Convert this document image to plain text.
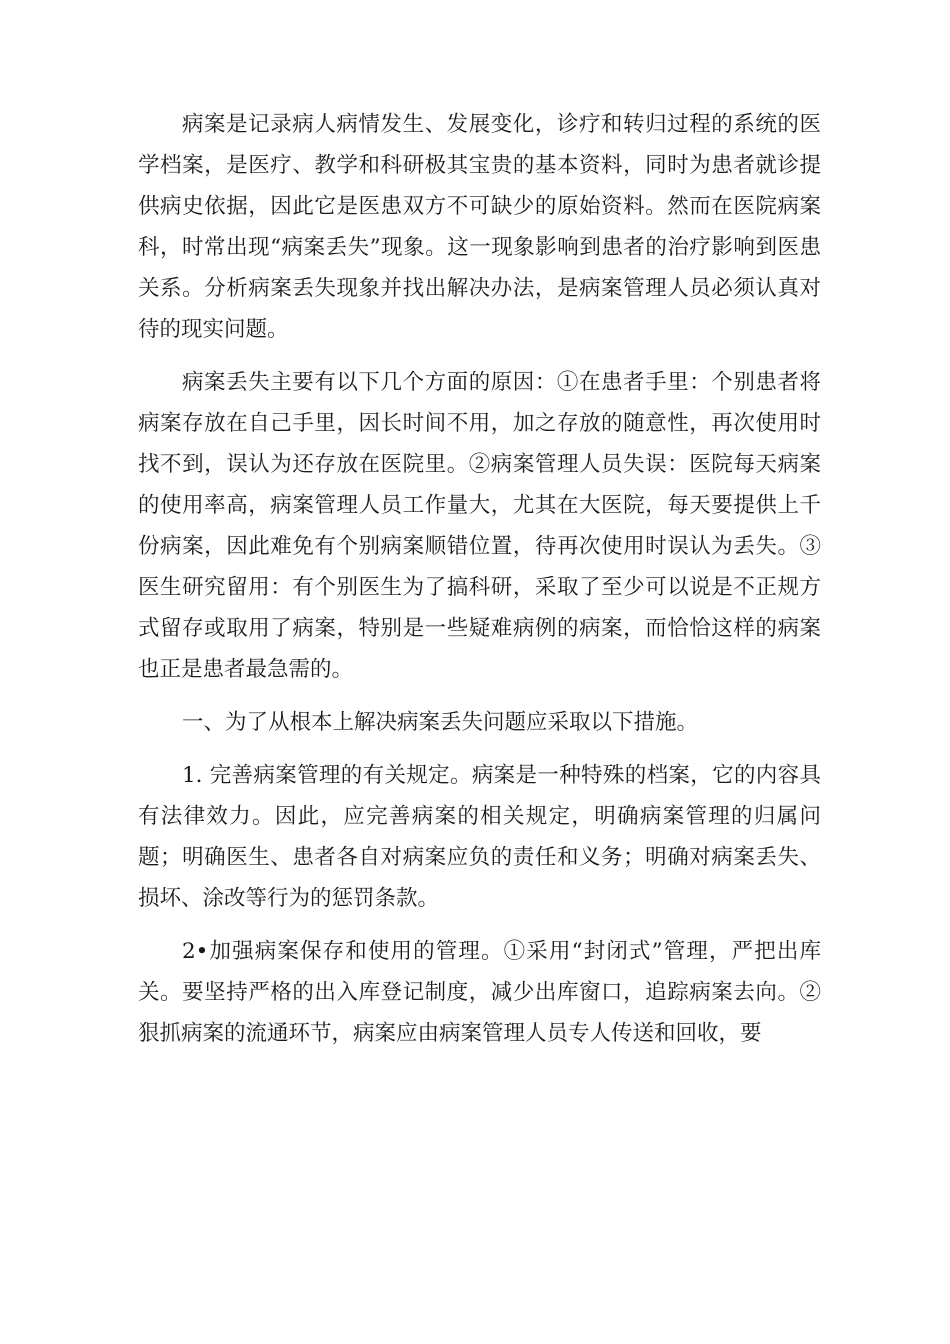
病案是记录病人病情发生、发展变化，诊疗和转归过程的系统的医学档案，是医疗、教学和科研极其宝贵的基本资料，同时为患者就诊提供病史依据，因此它是医患双方不可缺少的原始资料。然而在医院病案科，时常出现“病案丢失”现象。这一现象影响到患者的治疗影响到医患关系。分析病案丢失现象并找出解决办法，是病案管理人员必须认真对待的现实问题。

病案丢失主要有以下几个方面的原因：①在患者手里：个别患者将病案存放在自己手里，因长时间不用，加之存放的随意性，再次使用时找不到，误认为还存放在医院里。②病案管理人员失误：医院每天病案的使用率高，病案管理人员工作量大，尤其在大医院，每天要提供上千份病案，因此难免有个别病案顺错位置，待再次使用时误认为丢失。③医生研究留用：有个别医生为了搞科研，采取了至少可以说是不正规方式留存或取用了病案，特别是一些疑难病例的病案，而恰恰这样的病案也正是患者最急需的。

一、为了从根本上解决病案丢失问题应采取以下措施。

1. 完善病案管理的有关规定。病案是一种特殊的档案，它的内容具有法律效力。因此，应完善病案的相关规定，明确病案管理的归属问题；明确医生、患者各自对病案应负的责任和义务；明确对病案丢失、损坏、涂改等行为的惩罚条款。

2•加强病案保存和使用的管理。①采用“封闭式”管理，严把出库关。要坚持严格的出入库登记制度，减少出库窗口，追踪病案去向。②狠抓病案的流通环节，病案应由病案管理人员专人传送和回收，要
